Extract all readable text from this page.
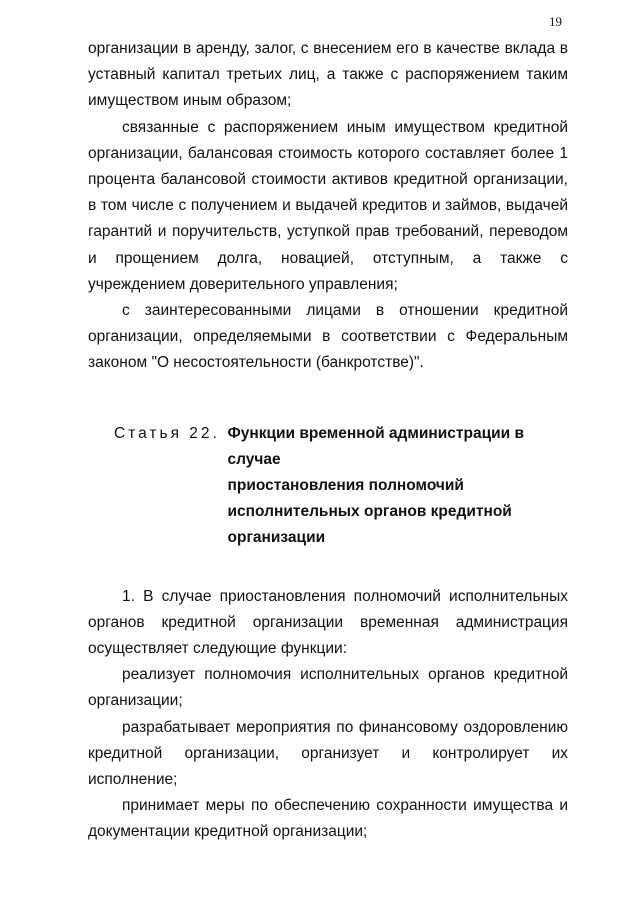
19

организации в аренду, залог, с внесением его в качестве вклада в уставный капитал третьих лиц, а также с распоряжением таким имуществом иным образом;

связанные с распоряжением иным имуществом кредитной организации, балансовая стоимость которого составляет более 1 процента балансовой стоимости активов кредитной организации, в том числе с получением и выдачей кредитов и займов, выдачей гарантий и поручительств, уступкой прав требований, переводом и прощением долга, новацией, отступным, а также с учреждением доверительного управления;

с заинтересованными лицами в отношении кредитной организации, определяемыми в соответствии с Федеральным законом "О несостоятельности (банкротстве)".

Статья 22. Функции временной администрации в случае
приостановления полномочий
исполнительных органов кредитной
организации

1. В случае приостановления полномочий исполнительных органов кредитной организации временная администрация осуществляет следующие функции:

реализует полномочия исполнительных органов кредитной организации;

разрабатывает мероприятия по финансовому оздоровлению кредитной организации, организует и контролирует их исполнение;

принимает меры по обеспечению сохранности имущества и документации кредитной организации;
